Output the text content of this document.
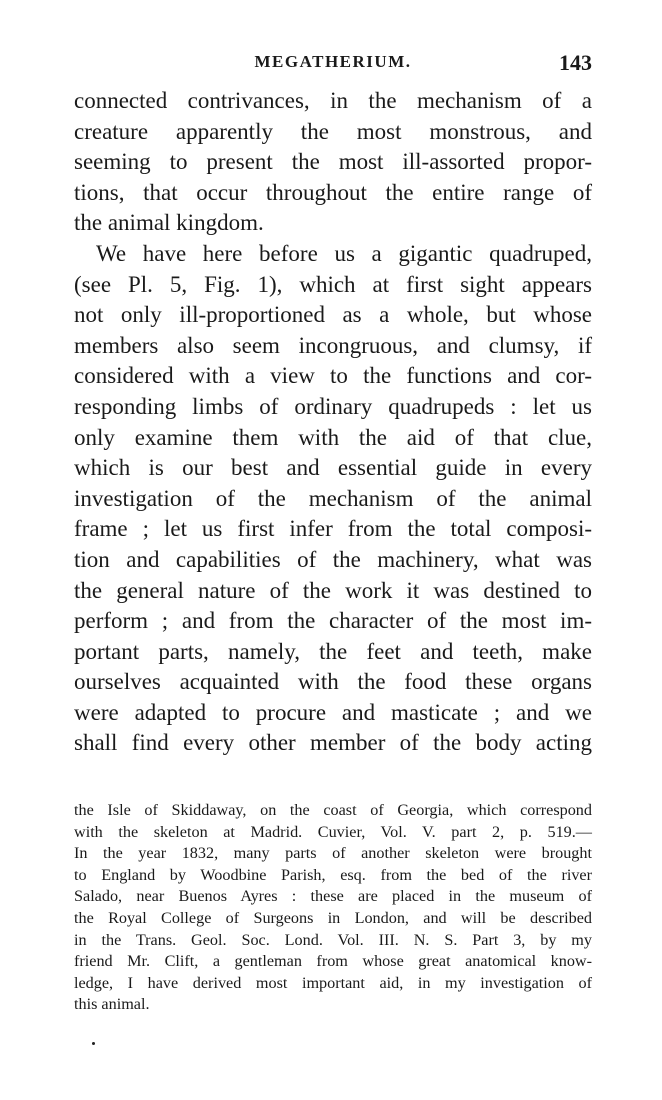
MEGATHERIUM.	143
connected contrivances, in the mechanism of a
creature apparently the most monstrous, and
seeming to present the most ill-assorted propor-
tions, that occur throughout the entire range of
the animal kingdom.
We have here before us a gigantic quadruped,
(see Pl. 5, Fig. 1), which at first sight appears
not only ill-proportioned as a whole, but whose
members also seem incongruous, and clumsy, if
considered with a view to the functions and cor-
responding limbs of ordinary quadrupeds : let us
only examine them with the aid of that clue,
which is our best and essential guide in every
investigation of the mechanism of the animal
frame ; let us first infer from the total composi-
tion and capabilities of the machinery, what was
the general nature of the work it was destined to
perform ; and from the character of the most im-
portant parts, namely, the feet and teeth, make
ourselves acquainted with the food these organs
were adapted to procure and masticate ; and we
shall find every other member of the body acting
the Isle of Skiddaway, on the coast of Georgia, which correspond
with the skeleton at Madrid. Cuvier, Vol. V. part 2, p. 519.—
In the year 1832, many parts of another skeleton were brought
to England by Woodbine Parish, esq. from the bed of the river
Salado, near Buenos Ayres : these are placed in the museum of
the Royal College of Surgeons in London, and will be described
in the Trans. Geol. Soc. Lond. Vol. III. N. S. Part 3, by my
friend Mr. Clift, a gentleman from whose great anatomical know-
ledge, I have derived most important aid, in my investigation of
this animal.
